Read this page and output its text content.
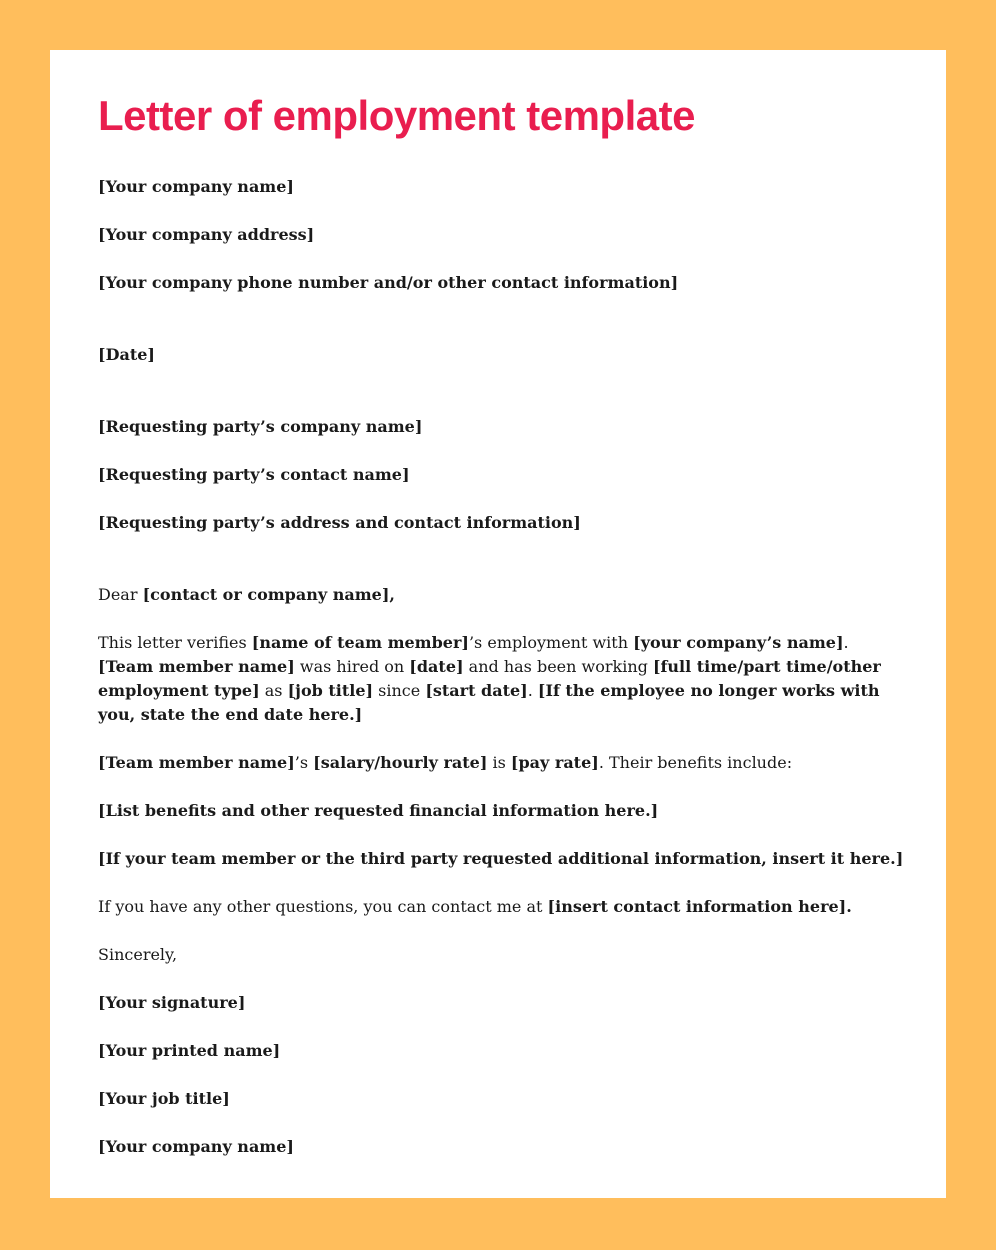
Letter of employment template

[Your company name]

[Your company address]

[Your company phone number and/or other contact information]

[Date]

[Requesting party’s company name]

[Requesting party’s contact name]

[Requesting party’s address and contact information]

Dear [contact or company name],

This letter verifies [name of team member]’s employment with [your company’s name].
[Team member name] was hired on [date] and has been working [full time/part time/other employment type] as [job title] since [start date]. [If the employee no longer works with you, state the end date here.]

[Team member name]’s [salary/hourly rate] is [pay rate]. Their benefits include:

[List benefits and other requested financial information here.]

[If your team member or the third party requested additional information, insert it here.]

If you have any other questions, you can contact me at [insert contact information here].

Sincerely,

[Your signature]

[Your printed name]

[Your job title]

[Your company name]
